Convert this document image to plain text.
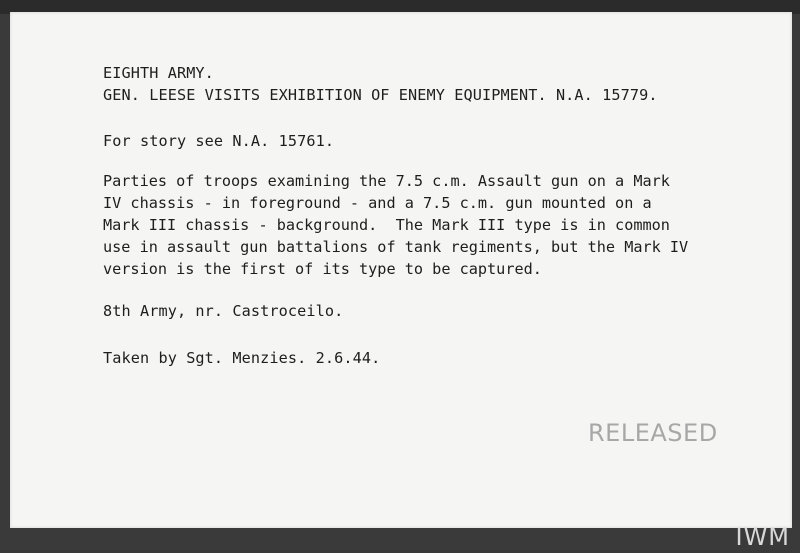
EIGHTH ARMY.
GEN. LEESE VISITS EXHIBITION OF ENEMY EQUIPMENT. N.A. 15779.
For story see N.A. 15761.
Parties of troops examining the 7.5 c.m. Assault gun on a Mark
IV chassis - in foreground - and a 7.5 c.m. gun mounted on a
Mark III chassis - background.  The Mark III type is in common
use in assault gun battalions of tank regiments, but the Mark IV
version is the first of its type to be captured.
8th Army, nr. Castroceilo.
Taken by Sgt. Menzies. 2.6.44.
RELEASED
IWM
